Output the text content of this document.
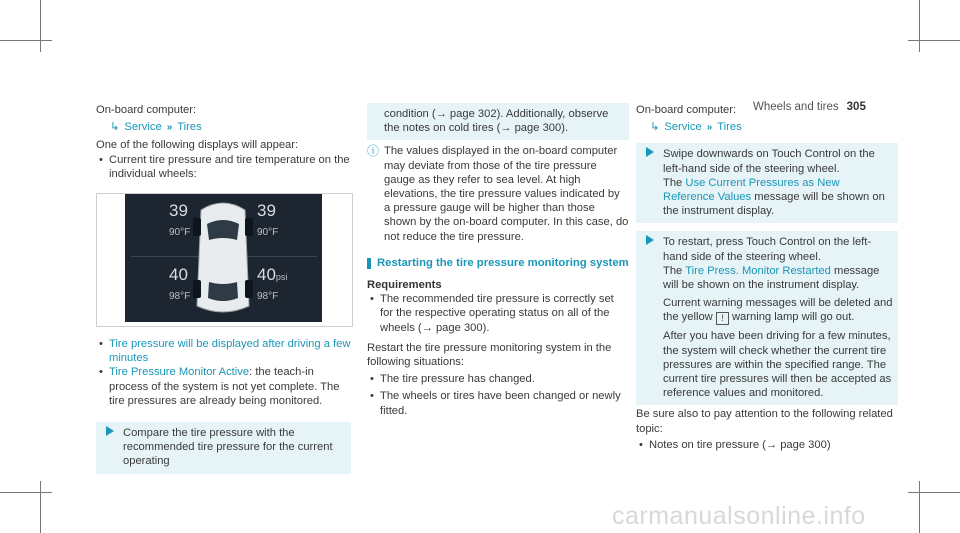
Wheels and tires 305

On-board computer:

↳ Service » Tires

One of the following displays will appear:

• Current tire pressure and tire temperature on the individual wheels:

39
90°F
39
90°F
40
98°F
40psi
98°F

• Tire pressure will be displayed after driving a few minutes

• Tire Pressure Monitor Active: the teach-in process of the system is not yet complete. The tire pressures are already being monitored.

Compare the tire pressure with the recommended tire pressure for the current operating
condition (→ page 302). Additionally, observe the notes on cold tires (→ page 300).

ⓘ The values displayed in the on-board computer may deviate from those of the tire pressure gauge as they refer to sea level. At high elevations, the tire pressure values indicated by a pressure gauge will be higher than those shown by the on-board computer. In this case, do not reduce the tire pressure.

Restarting the tire pressure monitoring system

Requirements

• The recommended tire pressure is correctly set for the respective operating status on all of the wheels (→ page 300).

Restart the tire pressure monitoring system in the following situations:

• The tire pressure has changed.

• The wheels or tires have been changed or newly fitted.

On-board computer:

↳ Service » Tires

Swipe downwards on Touch Control on the left-hand side of the steering wheel.

The Use Current Pressures as New Reference Values message will be shown on the instrument display.

To restart, press Touch Control on the left-hand side of the steering wheel.

The Tire Press. Monitor Restarted message will be shown on the instrument display.

Current warning messages will be deleted and the yellow ! warning lamp will go out.

After you have been driving for a few minutes, the system will check whether the current tire pressures are within the specified range. The current tire pressures will then be accepted as reference values and monitored.

Be sure also to pay attention to the following related topic:

• Notes on tire pressure (→ page 300)

carmanualsonline.info
